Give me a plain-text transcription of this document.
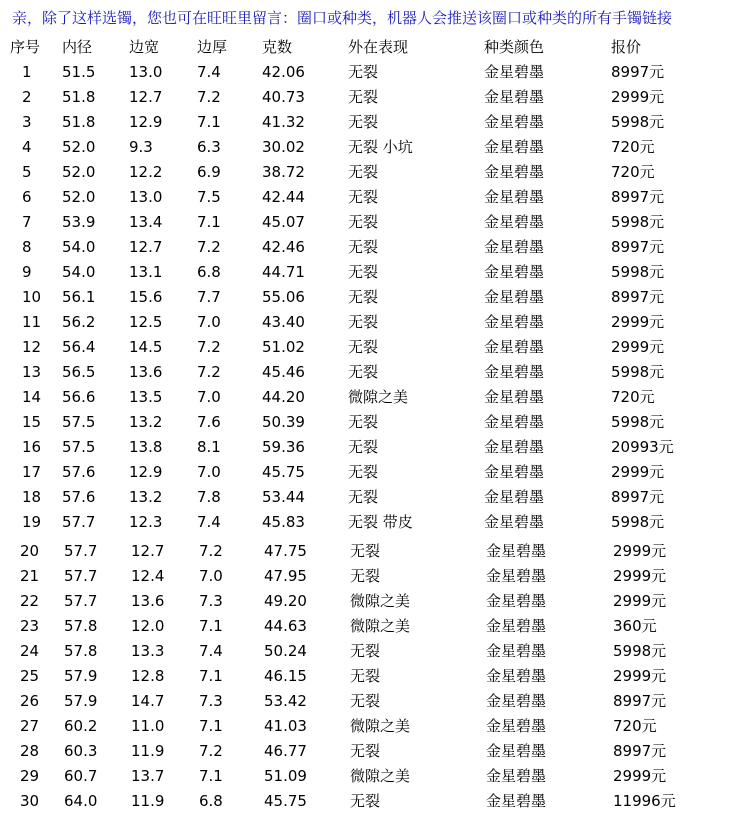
亲，除了这样选镯，您也可在旺旺里留言：圈口或种类，机器人会推送该圈口或种类的所有手镯链接
序号 内径 边宽	边厚 克数	外在表现	种类颜色	报价
1 51.5 13.0 7.4	42.06	无裂	金星碧墨	8997元
2 51.8 12.7 7.2	40.73	无裂	金星碧墨	2999元
3 51.8 12.9 7.1	41.32	无裂	金星碧墨	5998元
4 52.0 9.3	6.3	30.02	无裂 小坑	金星碧墨	720元
5 52.0 12.2 6.9	38.72	无裂	金星碧墨	720元
6 52.0 13.0 7.5	42.44	无裂	金星碧墨	8997元
7 53.9 13.4 7.1	45.07	无裂	金星碧墨	5998元
8 54.0 12.7 7.2	42.46	无裂	金星碧墨	8997元
9 54.0 13.1 6.8	44.71	无裂	金星碧墨	5998元
10 56.1 15.6 7.7	55.06	无裂	金星碧墨	8997元
11 56.2 12.5 7.0	43.40	无裂	金星碧墨	2999元
12 56.4 14.5 7.2	51.02	无裂	金星碧墨	2999元
13 56.5 13.6 7.2	45.46	无裂	金星碧墨	5998元
14 56.6 13.5 7.0	44.20	微隙之美	金星碧墨	720元
15 57.5 13.2 7.6	50.39	无裂	金星碧墨	5998元
16 57.5 13.8 8.1	59.36	无裂	金星碧墨	20993元
17 57.6 12.9 7.0	45.75	无裂	金星碧墨	2999元
18 57.6 13.2 7.8	53.44	无裂	金星碧墨	8997元
19 57.7 12.3 7.4	45.83	无裂 带皮	金星碧墨	5998元
20 57.7 12.7 7.2	47.75	无裂	金星碧墨	2999元
21 57.7 12.4 7.0	47.95	无裂	金星碧墨	2999元
22 57.7 13.6 7.3	49.20	微隙之美	金星碧墨	2999元
23 57.8 12.0 7.1	44.63	微隙之美	金星碧墨	360元
24 57.8 13.3 7.4	50.24	无裂	金星碧墨	5998元
25 57.9 12.8 7.1	46.15	无裂	金星碧墨	2999元
26 57.9 14.7 7.3	53.42	无裂	金星碧墨	8997元
27 60.2 11.0 7.1	41.03	微隙之美	金星碧墨	720元
28 60.3 11.9 7.2	46.77	无裂	金星碧墨	8997元
29 60.7 13.7 7.1	51.09	微隙之美	金星碧墨	2999元
30 64.0 11.9 6.8	45.75	无裂	金星碧墨	11996元
